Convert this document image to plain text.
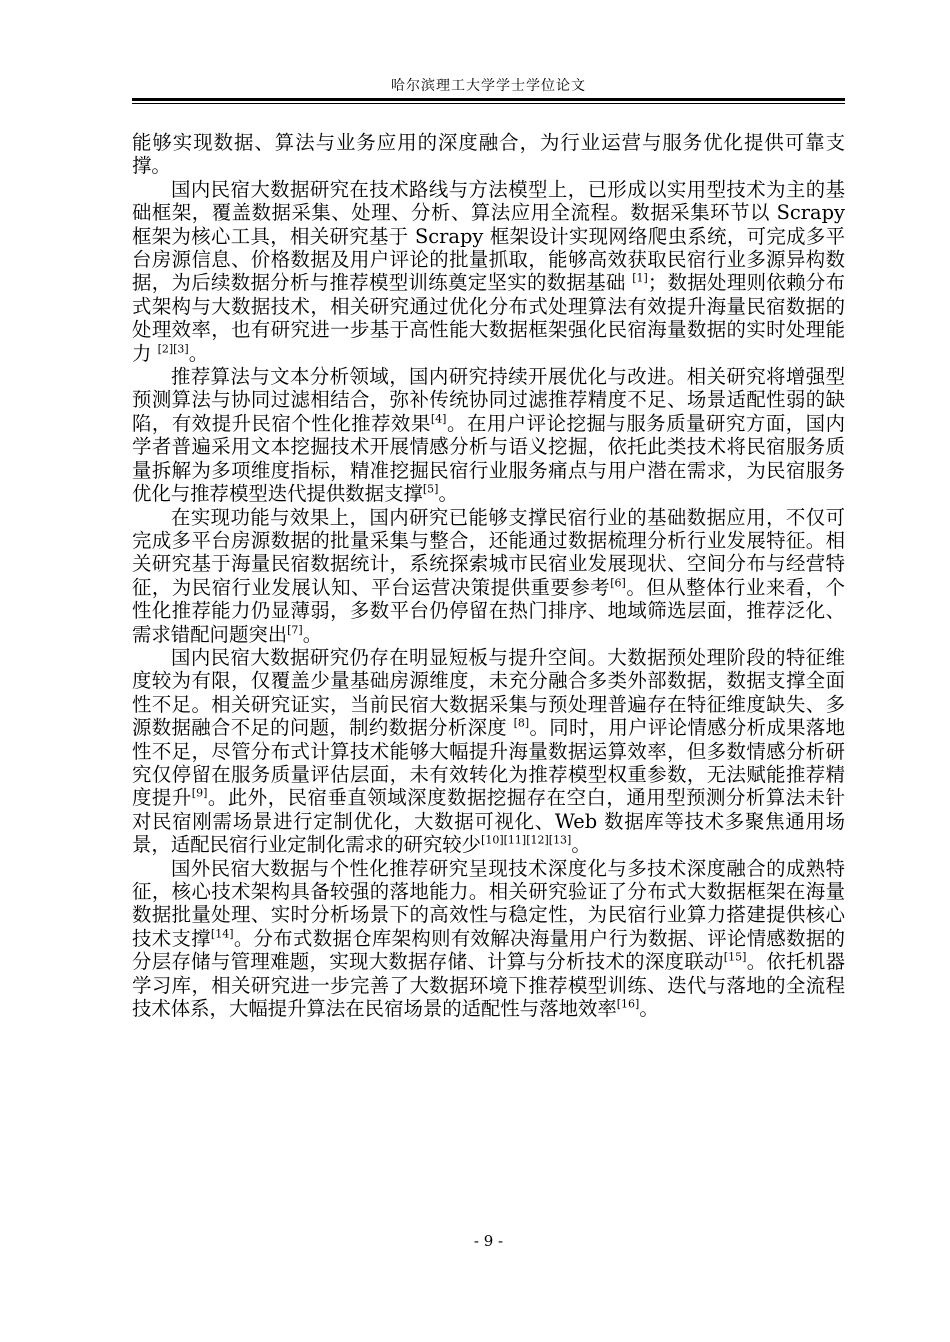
哈尔滨理工大学学士学位论文

能够实现数据、算法与业务应用的深度融合，为行业运营与服务优化提供可靠支撑。

国内民宿大数据研究在技术路线与方法模型上，已形成以实用型技术为主的基础框架，覆盖数据采集、处理、分析、算法应用全流程。数据采集环节以 Scrapy 框架为核心工具，相关研究基于 Scrapy 框架设计实现网络爬虫系统，可完成多平台房源信息、价格数据及用户评论的批量抓取，能够高效获取民宿行业多源异构数据，为后续数据分析与推荐模型训练奠定坚实的数据基础 [1]；数据处理则依赖分布式架构与大数据技术，相关研究通过优化分布式处理算法有效提升海量民宿数据的处理效率，也有研究进一步基于高性能大数据框架强化民宿海量数据的实时处理能力 [2][3]。

推荐算法与文本分析领域，国内研究持续开展优化与改进。相关研究将增强型预测算法与协同过滤相结合，弥补传统协同过滤推荐精度不足、场景适配性弱的缺陷，有效提升民宿个性化推荐效果[4]。在用户评论挖掘与服务质量研究方面，国内学者普遍采用文本挖掘技术开展情感分析与语义挖掘，依托此类技术将民宿服务质量拆解为多项维度指标，精准挖掘民宿行业服务痛点与用户潜在需求，为民宿服务优化与推荐模型迭代提供数据支撑[5]。

在实现功能与效果上，国内研究已能够支撑民宿行业的基础数据应用，不仅可完成多平台房源数据的批量采集与整合，还能通过数据梳理分析行业发展特征。相关研究基于海量民宿数据统计，系统探索城市民宿业发展现状、空间分布与经营特征，为民宿行业发展认知、平台运营决策提供重要参考[6]。但从整体行业来看，个性化推荐能力仍显薄弱，多数平台仍停留在热门排序、地域筛选层面，推荐泛化、需求错配问题突出[7]。

国内民宿大数据研究仍存在明显短板与提升空间。大数据预处理阶段的特征维度较为有限，仅覆盖少量基础房源维度，未充分融合多类外部数据，数据支撑全面性不足。相关研究证实，当前民宿大数据采集与预处理普遍存在特征维度缺失、多源数据融合不足的问题，制约数据分析深度 [8]。同时，用户评论情感分析成果落地性不足，尽管分布式计算技术能够大幅提升海量数据运算效率，但多数情感分析研究仅停留在服务质量评估层面，未有效转化为推荐模型权重参数，无法赋能推荐精度提升[9]。此外，民宿垂直领域深度数据挖掘存在空白，通用型预测分析算法未针对民宿刚需场景进行定制优化，大数据可视化、Web 数据库等技术多聚焦通用场景，适配民宿行业定制化需求的研究较少[10][11][12][13]。

国外民宿大数据与个性化推荐研究呈现技术深度化与多技术深度融合的成熟特征，核心技术架构具备较强的落地能力。相关研究验证了分布式大数据框架在海量数据批量处理、实时分析场景下的高效性与稳定性，为民宿行业算力搭建提供核心技术支撑[14]。分布式数据仓库架构则有效解决海量用户行为数据、评论情感数据的分层存储与管理难题，实现大数据存储、计算与分析技术的深度联动[15]。依托机器学习库，相关研究进一步完善了大数据环境下推荐模型训练、迭代与落地的全流程技术体系，大幅提升算法在民宿场景的适配性与落地效率[16]。

- 9 -
